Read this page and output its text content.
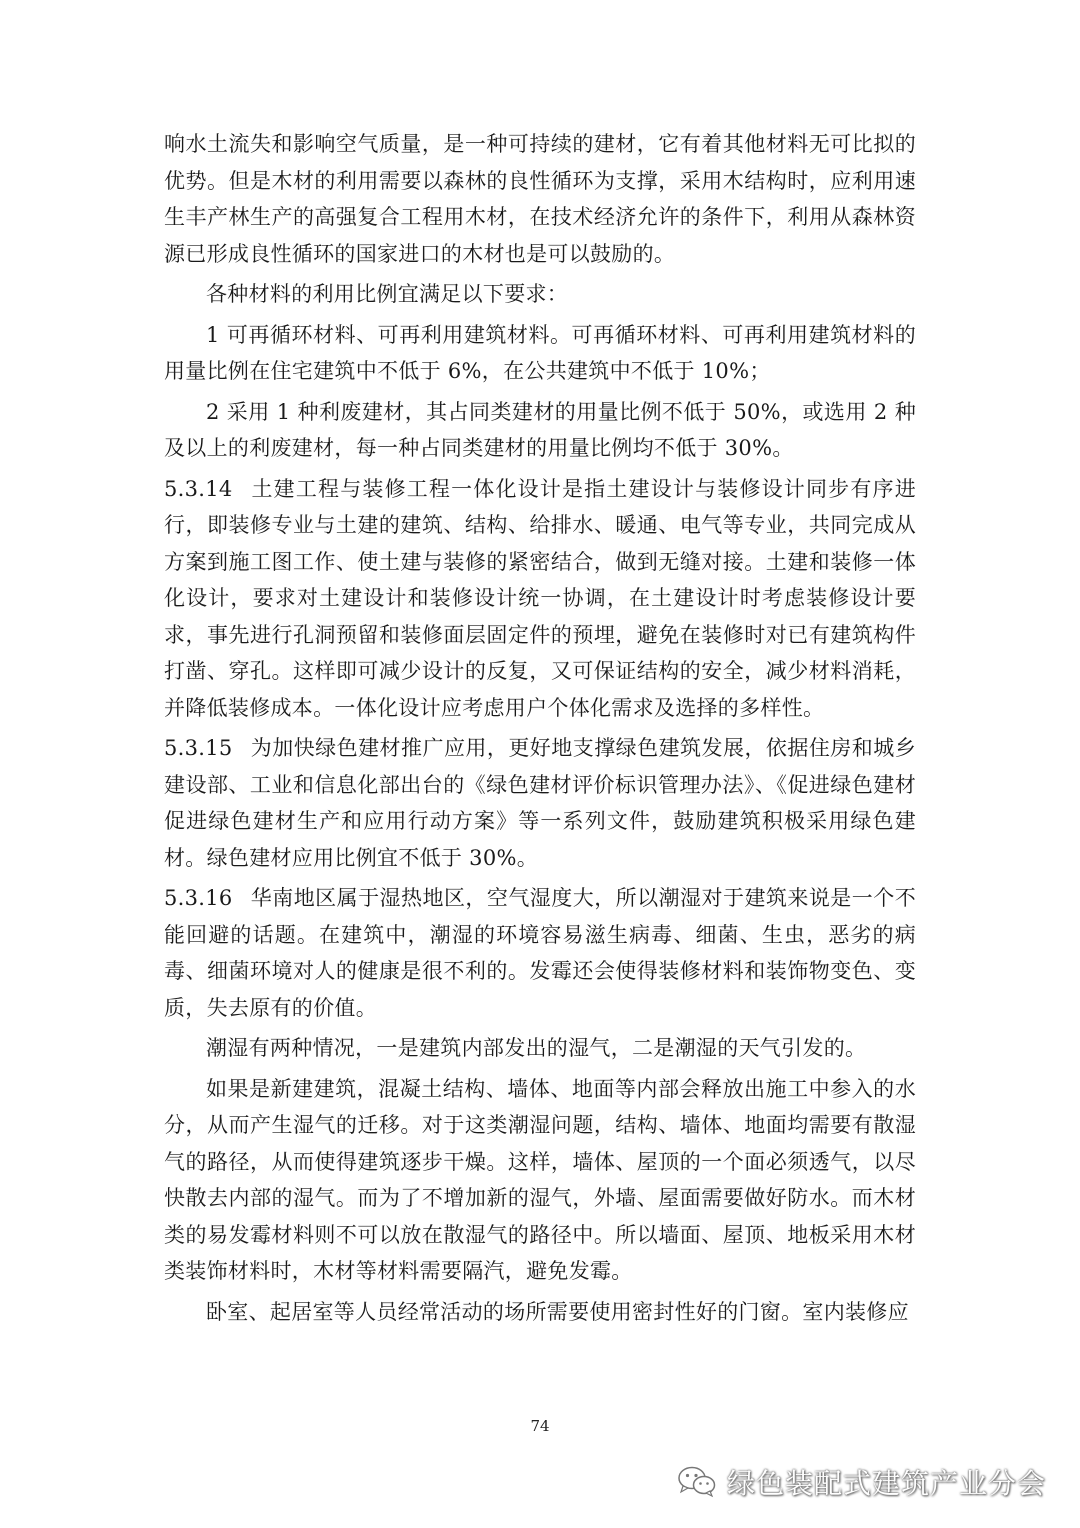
响水土流失和影响空气质量，是一种可持续的建材，它有着其他材料无可比拟的优势。但是木材的利用需要以森林的良性循环为支撑，采用木结构时，应利用速生丰产林生产的高强复合工程用木材，在技术经济允许的条件下，利用从森林资源已形成良性循环的国家进口的木材也是可以鼓励的。

各种材料的利用比例宜满足以下要求：

1 可再循环材料、可再利用建筑材料。可再循环材料、可再利用建筑材料的用量比例在住宅建筑中不低于 6%，在公共建筑中不低于 10%；

2 采用 1 种利废建材，其占同类建材的用量比例不低于 50%，或选用 2 种及以上的利废建材，每一种占同类建材的用量比例均不低于 30%。

5.3.14 土建工程与装修工程一体化设计是指土建设计与装修设计同步有序进行，即装修专业与土建的建筑、结构、给排水、暖通、电气等专业，共同完成从方案到施工图工作、使土建与装修的紧密结合，做到无缝对接。土建和装修一体化设计，要求对土建设计和装修设计统一协调，在土建设计时考虑装修设计要求，事先进行孔洞预留和装修面层固定件的预埋，避免在装修时对已有建筑构件打凿、穿孔。这样即可减少设计的反复，又可保证结构的安全，减少材料消耗，并降低装修成本。一体化设计应考虑用户个体化需求及选择的多样性。

5.3.15 为加快绿色建材推广应用，更好地支撑绿色建筑发展，依据住房和城乡建设部、工业和信息化部出台的《绿色建材评价标识管理办法》、《促进绿色建材促进绿色建材生产和应用行动方案》等一系列文件，鼓励建筑积极采用绿色建材。绿色建材应用比例宜不低于 30%。

5.3.16 华南地区属于湿热地区，空气湿度大，所以潮湿对于建筑来说是一个不能回避的话题。在建筑中，潮湿的环境容易滋生病毒、细菌、生虫，恶劣的病毒、细菌环境对人的健康是很不利的。发霉还会使得装修材料和装饰物变色、变质，失去原有的价值。

潮湿有两种情况，一是建筑内部发出的湿气，二是潮湿的天气引发的。

如果是新建建筑，混凝土结构、墙体、地面等内部会释放出施工中参入的水分，从而产生湿气的迁移。对于这类潮湿问题，结构、墙体、地面均需要有散湿气的路径，从而使得建筑逐步干燥。这样，墙体、屋顶的一个面必须透气，以尽快散去内部的湿气。而为了不增加新的湿气，外墙、屋面需要做好防水。而木材类的易发霉材料则不可以放在散湿气的路径中。所以墙面、屋顶、地板采用木材类装饰材料时，木材等材料需要隔汽，避免发霉。

卧室、起居室等人员经常活动的场所需要使用密封性好的门窗。室内装修应

74
绿色装配式建筑产业分会
